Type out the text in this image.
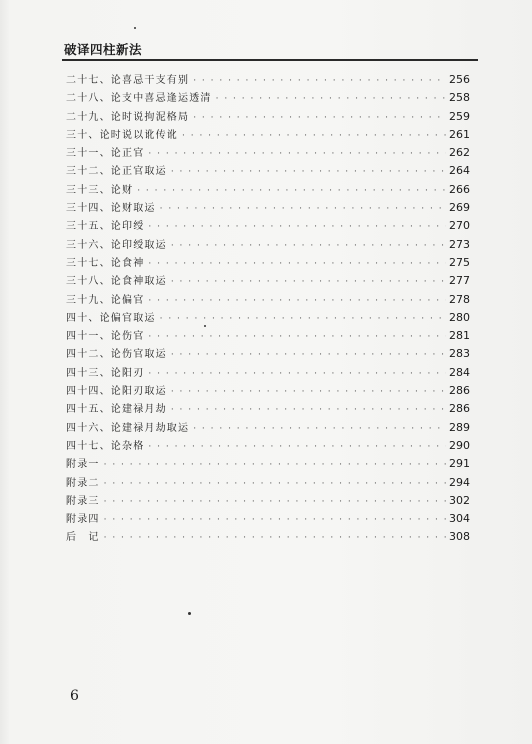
破译四柱新法
二十七、论喜忌干支有别 · · ·	256
二十八、论支中喜忌逢运透清 · · ·	258
二十九、论时说拘泥格局 · · ·	259
三十、论时说以讹传讹 · · ·	261
三十一、论正官 · · ·	262
三十二、论正官取运 · · ·	264
三十三、论财 · · ·	266
三十四、论财取运 · · ·	269
三十五、论印绶 · · ·	270
三十六、论印绶取运 · · ·	273
三十七、论食神 · · ·	275
三十八、论食神取运 · · ·	277
三十九、论偏官 · · ·	278
四十、论偏官取运 · · ·	280
四十一、论伤官 · · ·	281
四十二、论伤官取运 · · ·	283
四十三、论阳刃 · · ·	284
四十四、论阳刃取运 · · ·	286
四十五、论建禄月劫 · · ·	286
四十六、论建禄月劫取运 · · ·	289
四十七、论杂格 · · ·	290
附录一 · · ·	291
附录二 · · ·	294
附录三 · · ·	302
附录四 · · ·	304
后　记 · · ·	308
6
